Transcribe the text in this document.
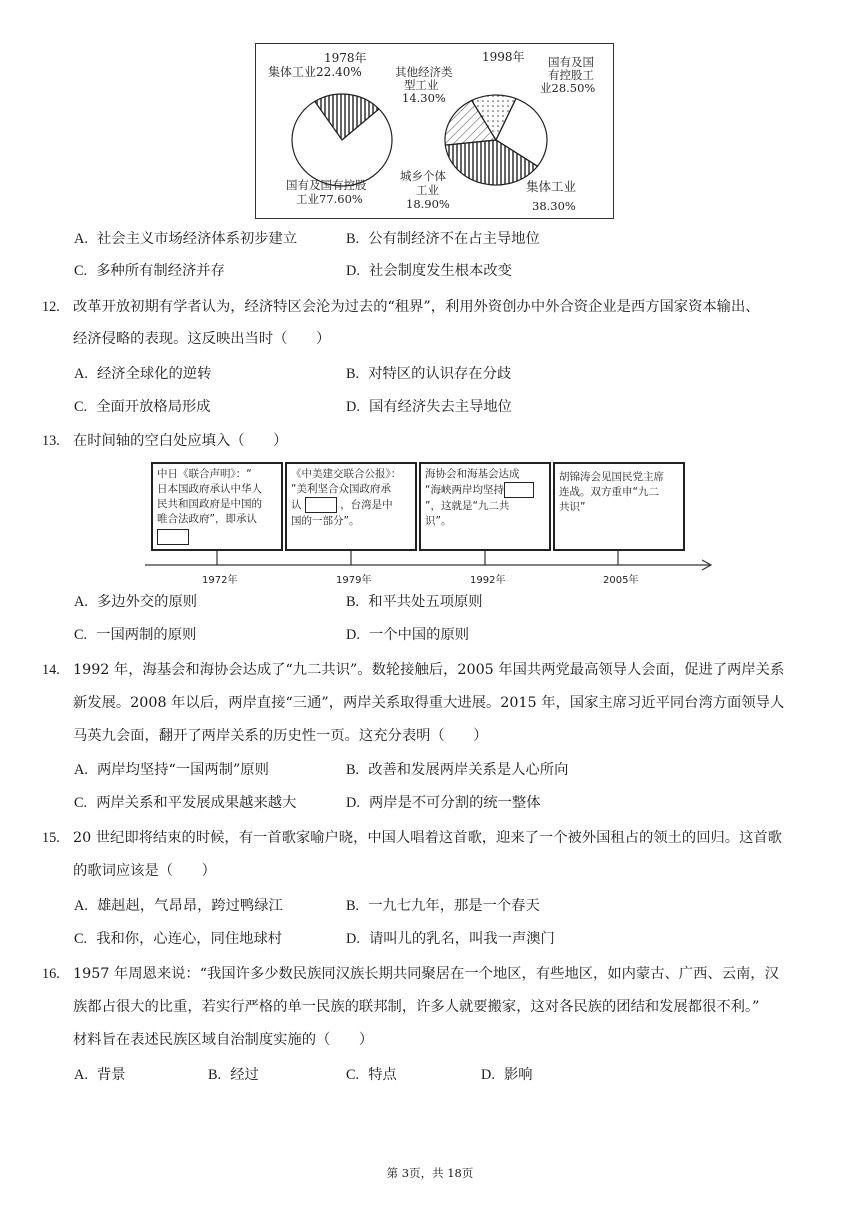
1978年
集体工业22.40%
国有及国有控股
工业77.60%
1998年
其他经济类
型工业
14.30%
国有及国
有控股工
业28.50%
城乡个体
工业
18.90%
集体工业
38.30%
A. 社会主义市场经济体系初步建立	B. 公有制经济不在占主导地位
C. 多种所有制经济并存	D. 社会制度发生根本改变
12. 改革开放初期有学者认为，经济特区会沦为过去的“租界”，利用外资创办中外合资企业是西方国家资本输出、
经济侵略的表现。这反映出当时（　　）
A. 经济全球化的逆转	B. 对特区的认识存在分歧
C. 全面开放格局形成	D. 国有经济失去主导地位
13. 在时间轴的空白处应填入（　　）
中日《联合声明》：“
日本国政府承认中华人
民共和国政府是中国的
唯合法政府”，即承认
《中美建交联合公报》：
“美利坚合众国政府承
认	，台湾是中
国的一部分”。
海协会和海基会达成
“海峡两岸均坚持
”，这就是“九二共
识”。
胡锦涛会见国民党主席
连战。双方重申“九二
共识”
1972年	1979年	1992年	2005年
A. 多边外交的原则	B. 和平共处五项原则
C. 一国两制的原则	D. 一个中国的原则
14. 1992 年，海基会和海协会达成了“九二共识”。数轮接触后，2005 年国共两党最高领导人会面，促进了两岸关系
新发展。2008 年以后，两岸直接“三通”，两岸关系取得重大进展。2015 年，国家主席习近平同台湾方面领导人
马英九会面，翻开了两岸关系的历史性一页。这充分表明（　　）
A. 两岸均坚持“一国两制”原则	B. 改善和发展两岸关系是人心所向
C. 两岸关系和平发展成果越来越大	D. 两岸是不可分割的统一整体
15. 20 世纪即将结束的时候，有一首歌家喻户晓，中国人唱着这首歌，迎来了一个被外国租占的领土的回归。这首歌
的歌词应该是（　　）
A. 雄赳赳，气昂昂，跨过鸭绿江	B. 一九七九年，那是一个春天
C. 我和你，心连心，同住地球村	D. 请叫儿的乳名，叫我一声澳门
16. 1957 年周恩来说：“我国许多少数民族同汉族长期共同聚居在一个地区，有些地区，如内蒙古、广西、云南，汉
族都占很大的比重，若实行严格的单一民族的联邦制，许多人就要搬家，这对各民族的团结和发展都很不利。”
材料旨在表述民族区域自治制度实施的（　　）
A. 背景	B. 经过	C. 特点	D. 影响
第 3页，共 18页
